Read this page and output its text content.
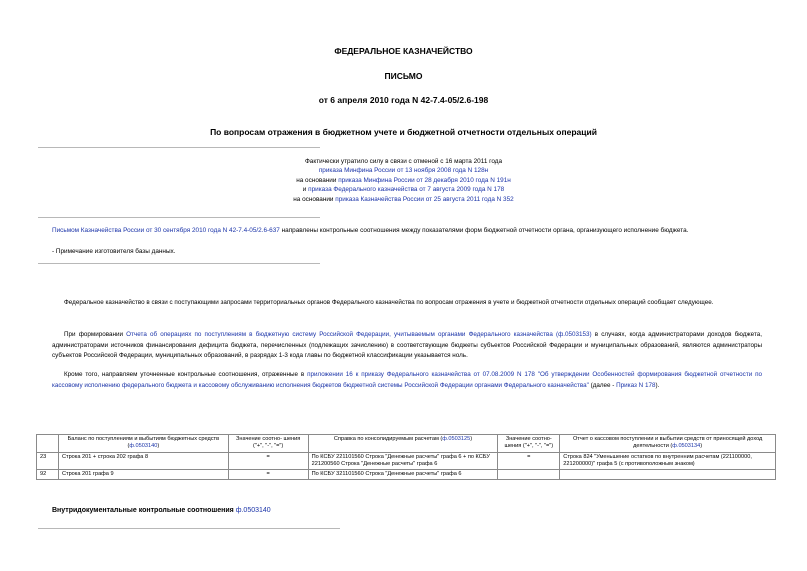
ФЕДЕРАЛЬНОЕ КАЗНАЧЕЙСТВО
ПИСЬМО
от 6 апреля 2010 года N 42-7.4-05/2.6-198
По вопросам отражения в бюджетном учете и бюджетной отчетности отдельных операций
Фактически утратило силу в связи с отменой с 16 марта 2011 года
приказа Минфина России от 13 ноября 2008 года N 128н
на основании приказа Минфина России от 28 декабря 2010 года N 191н
и приказа Федерального казначейства от 7 августа 2009 года N 178
на основании приказа Казначейства России от 25 августа 2011 года N 352
Письмом Казначейства России от 30 сентября 2010 года N 42-7.4-05/2.6-637 направлены контрольные соотношения между показателями форм бюджетной отчетности органа, организующего исполнение бюджета.
- Примечание изготовителя базы данных.
Федеральное казначейство в связи с поступающими запросами территориальных органов Федерального казначейства по вопросам отражения в учете и бюджетной отчетности отдельных операций сообщает следующее.
При формировании Отчета об операциях по поступлениям в бюджетную систему Российской Федерации, учитываемым органами Федерального казначейства (ф.0503153) в случаях, когда администраторами доходов бюджета, администраторами источников финансирования дефицита бюджета, перечисленных (подлежащих зачислению) в соответствующие бюджеты субъектов Российской Федерации и муниципальных образований, являются администраторы субъектов Российской Федерации, муниципальных образований, в разрядах 1-3 кода главы по бюджетной классификации указывается ноль.
Кроме того, направляем уточненные контрольные соотношения, отраженные в приложении 16 к приказу Федерального казначейства от 07.08.2009 N 178 "Об утверждении Особенностей формирования бюджетной отчетности по кассовому исполнению федерального бюджета и кассовому обслуживанию исполнения бюджетов бюджетной системы Российской Федерации органами Федерального казначейства" (далее - Приказ N 178).
	Баланс по поступлениям и выбытиям бюджетных средств (ф.0503140)	Значение соотно- шения ("+", "-", "=")	Справка по консолидируемым расчетам (ф.0503125)	Значение соотно- шения ("+", "-", "=")	Отчет о кассовом поступлении и выбытии средств от приносящей доход деятельности (ф.0503134)
23	Строка 201 + строка 202 графа 8	=	По КСБУ 221101560 Строка "Денежные расчеты" графа 6 + по КСБУ 221200560 Строка "Денежные расчеты" графа 6	=	Строка 824 "Уменьшение остатков по внутренним расчетам (221100000, 221200000)" графа 5 (с противоположным знаком)
92	Строка 201 графа 9	=	По КСБУ 321101560 Строка "Денежные расчеты" графа 6		
Внутридокументальные контрольные соотношения ф.0503140
